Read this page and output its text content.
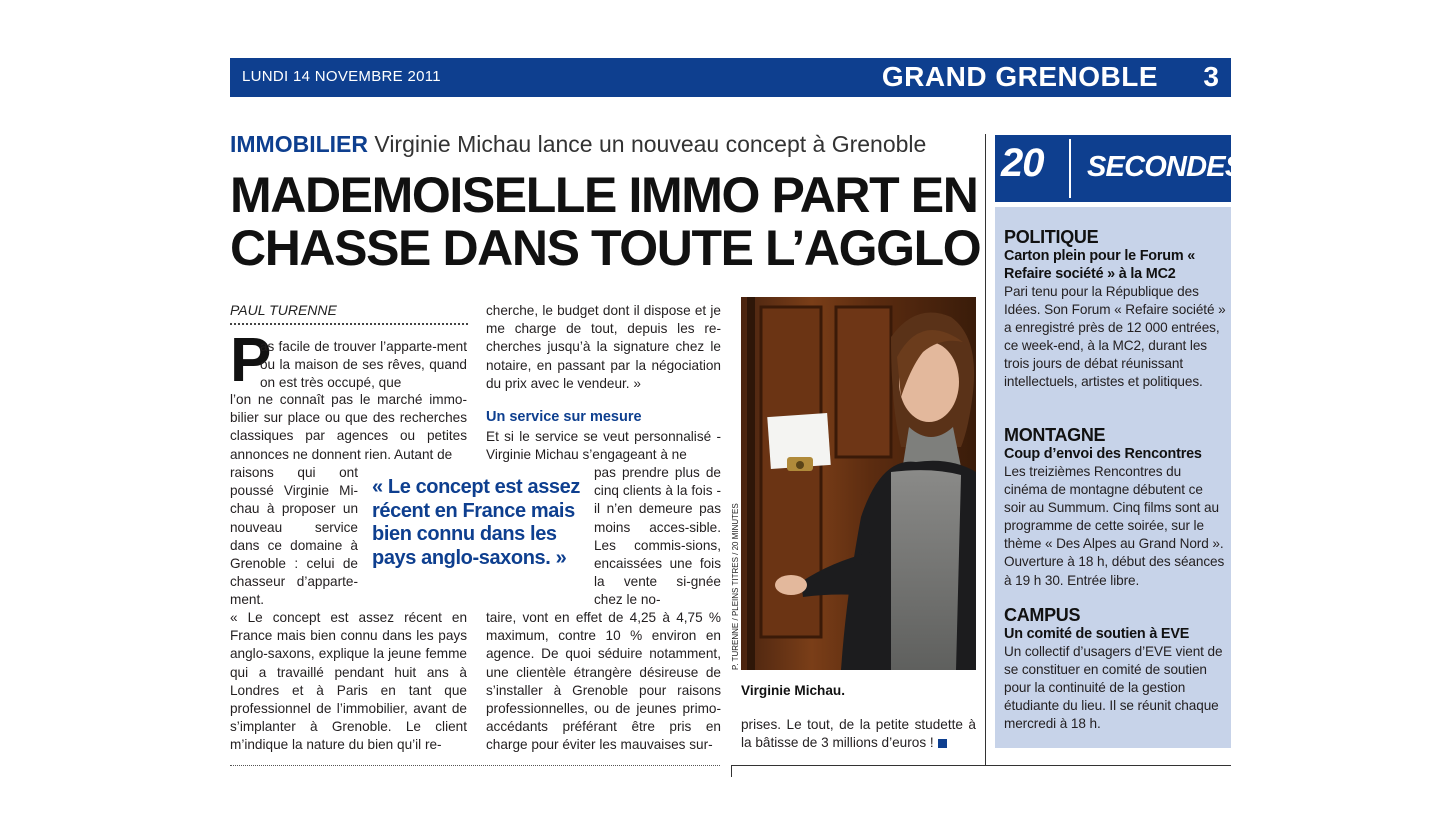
LUNDI 14 NOVEMBRE 2011	GRAND GRENOBLE 3
IMMOBILIER Virginie Michau lance un nouveau concept à Grenoble
MADEMOISELLE IMMO PART EN
CHASSE DANS TOUTE L’AGGLO
PAUL TURENNE
P
as facile de trouver l’apparte-ment ou la maison de ses rêves, quand on est très occupé, que
l’on ne connaît pas le marché immo-bilier sur place ou que des recherches classiques par agences ou petites annonces ne donnent rien. Autant de
raisons qui ont poussé Virginie Mi-chau à proposer un nouveau service dans ce domaine à Grenoble : celui de chasseur d’apparte-ment.
« Le concept est assez récent en France mais bien connu dans les pays anglo-saxons, explique la jeune femme qui a travaillé pendant huit ans à Londres et à Paris en tant que professionnel de l’immobilier, avant de s’implanter à Grenoble. Le client m’indique la nature du bien qu’il re-
« Le concept est assez récent en France mais bien connu dans les pays anglo-saxons. »
cherche, le budget dont il dispose et je me charge de tout, depuis les re-cherches jusqu’à la signature chez le notaire, en passant par la négociation du prix avec le vendeur. »
Un service sur mesure
Et si le service se veut personnalisé - Virginie Michau s’engageant à ne
pas prendre plus de cinq clients à la fois - il n’en demeure pas moins acces-sible. Les commis-sions, encaissées une fois la vente si-gnée chez le no-
taire, vont en effet de 4,25 à 4,75 % maximum, contre 10 % environ en agence. De quoi séduire notamment, une clientèle étrangère désireuse de s’installer à Grenoble pour raisons professionnelles, ou de jeunes primo-accédants préférant être pris en charge pour éviter les mauvaises sur-
P. TURENNE / PLEINS TITRES / 20 MINUTES
Virginie Michau.
prises. Le tout, de la petite studette à la bâtisse de 3 millions d’euros !
20 SECONDES
POLITIQUE
Carton plein pour le Forum « Refaire société » à la MC2
Pari tenu pour la République des Idées. Son Forum « Refaire société » a enregistré près de 12 000 entrées, ce week-end, à la MC2, durant les trois jours de débat réunissant intellectuels, artistes et politiques.
MONTAGNE
Coup d’envoi des Rencontres
Les treizièmes Rencontres du cinéma de montagne débutent ce soir au Summum. Cinq films sont au programme de cette soirée, sur le thème « Des Alpes au Grand Nord ». Ouverture à 18 h, début des séances à 19 h 30. Entrée libre.
CAMPUS
Un comité de soutien à EVE
Un collectif d’usagers d’EVE vient de se constituer en comité de soutien pour la continuité de la gestion étudiante du lieu. Il se réunit chaque mercredi à 18 h.
